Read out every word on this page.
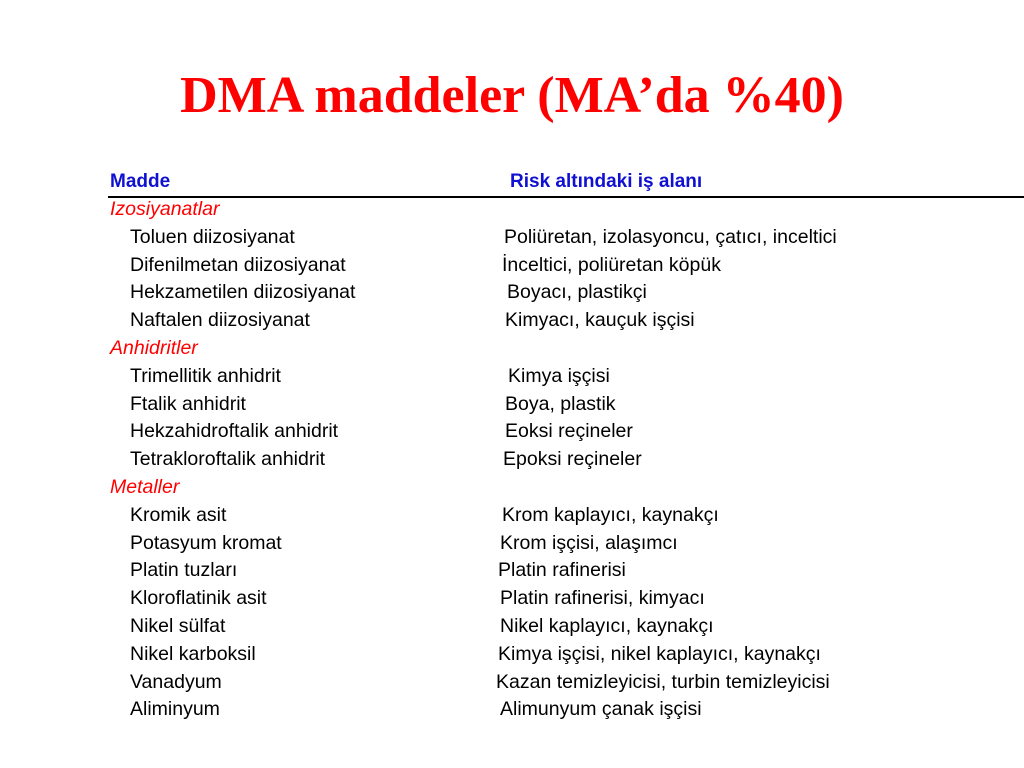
DMA maddeler (MA’da %40)
Madde	Risk altındaki iş alanı
Izosiyanatlar
Toluen diizosiyanat	Poliüretan, izolasyoncu, çatıcı, inceltici
Difenilmetan diizosiyanat	İnceltici, poliüretan köpük
Hekzametilen diizosiyanat	Boyacı, plastikçi
Naftalen diizosiyanat	Kimyacı, kauçuk işçisi
Anhidritler
Trimellitik anhidrit	Kimya işçisi
Ftalik anhidrit	Boya, plastik
Hekzahidroftalik anhidrit	Eoksi reçineler
Tetrakloroftalik anhidrit	Epoksi reçineler
Metaller
Kromik asit	Krom kaplayıcı, kaynakçı
Potasyum kromat	Krom işçisi, alaşımcı
Platin tuzları	Platin rafinerisi
Kloroflatinik asit	Platin rafinerisi, kimyacı
Nikel sülfat	Nikel kaplayıcı, kaynakçı
Nikel karboksil	Kimya işçisi, nikel kaplayıcı, kaynakçı
Vanadyum	Kazan temizleyicisi, turbin temizleyicisi
Aliminyum	Alimunyum çanak işçisi
